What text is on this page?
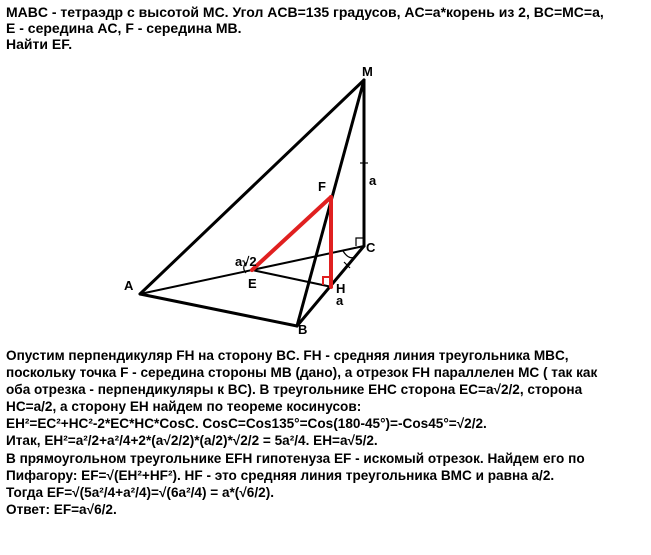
MABC - тетраэдр с высотой MC. Угол ACB=135 градусов, AC=a*корень из 2, BC=MC=a,
E - середина AC, F - середина MB.
Найти EF.
M
A
B
C
E
F
H
a
a√2
a
Опустим перпендикуляр FH на сторону BC. FH - средняя линия треугольника MBC,
поскольку точка F - середина стороны MB (дано), а отрезок FH параллелен MC ( так как
оба отрезка - перпендикуляры к BC). В треугольнике EHC сторона EC=a√2/2, сторона
HC=a/2, а сторону EH найдем по теореме косинусов:
EH²=EC²+HC²-2*EC*HC*CosC. CosC=Cos135°=Cos(180-45°)=-Cos45°=√2/2.
Итак, EH²=a²/2+a²/4+2*(a√2/2)*(a/2)*√2/2 = 5a²/4. EH=a√5/2.
В прямоугольном треугольнике EFH гипотенуза EF - искомый отрезок. Найдем его по
Пифагору: EF=√(EH²+HF²). HF - это средняя линия треугольника BMC и равна a/2.
Тогда EF=√(5a²/4+a²/4)=√(6a²/4) = a*(√6/2).
Ответ: EF=a√6/2.
